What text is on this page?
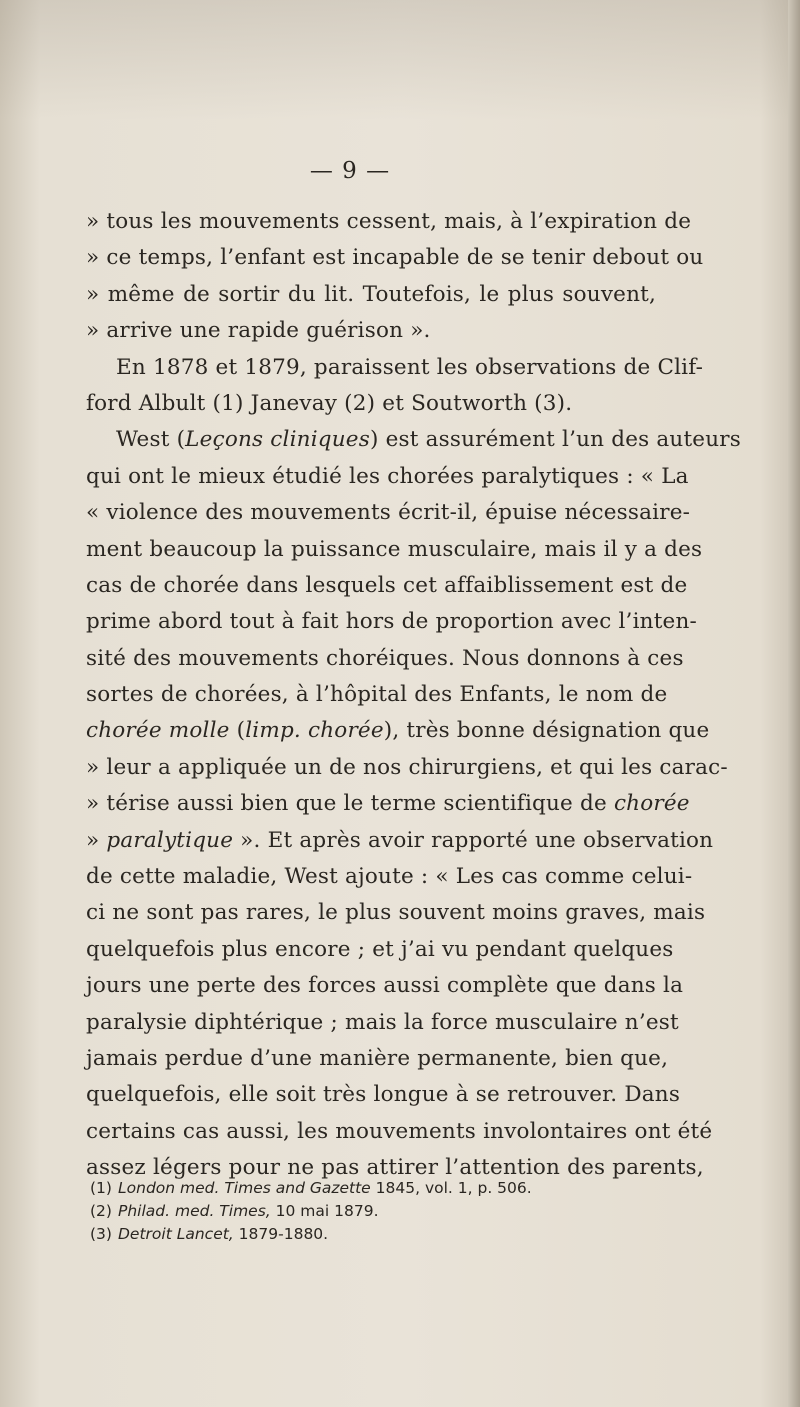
— 9 —
» tous les mouvements cessent, mais, à l’expiration de
» ce temps, l’enfant est incapable de se tenir debout ou
» même de sortir du lit. Toutefois, le plus souvent,
» arrive une rapide guérison ».
En 1878 et 1879, paraissent les observations de Clif-
ford Albult (1) Janevay (2) et Soutworth (3).
West (Leçons cliniques) est assurément l’un des auteurs
qui ont le mieux étudié les chorées paralytiques : « La
« violence des mouvements écrit-il, épuise nécessaire-
ment beaucoup la puissance musculaire, mais il y a des
cas de chorée dans lesquels cet affaiblissement est de
prime abord tout à fait hors de proportion avec l’inten-
sité des mouvements choréiques. Nous donnons à ces
sortes de chorées, à l’hôpital des Enfants, le nom de
chorée molle (limp. chorée), très bonne désignation que
» leur a appliquée un de nos chirurgiens, et qui les carac-
» térise aussi bien que le terme scientifique de chorée
» paralytique ». Et après avoir rapporté une observation
de cette maladie, West ajoute : « Les cas comme celui-
ci ne sont pas rares, le plus souvent moins graves, mais
quelquefois plus encore ; et j’ai vu pendant quelques
jours une perte des forces aussi complète que dans la
paralysie diphtérique ; mais la force musculaire n’est
jamais perdue d’une manière permanente, bien que,
quelquefois, elle soit très longue à se retrouver. Dans
certains cas aussi, les mouvements involontaires ont été
assez légers pour ne pas attirer l’attention des parents,
(1) London med. Times and Gazette 1845, vol. 1, p. 506.
(2) Philad. med. Times, 10 mai 1879.
(3) Detroit Lancet, 1879-1880.
